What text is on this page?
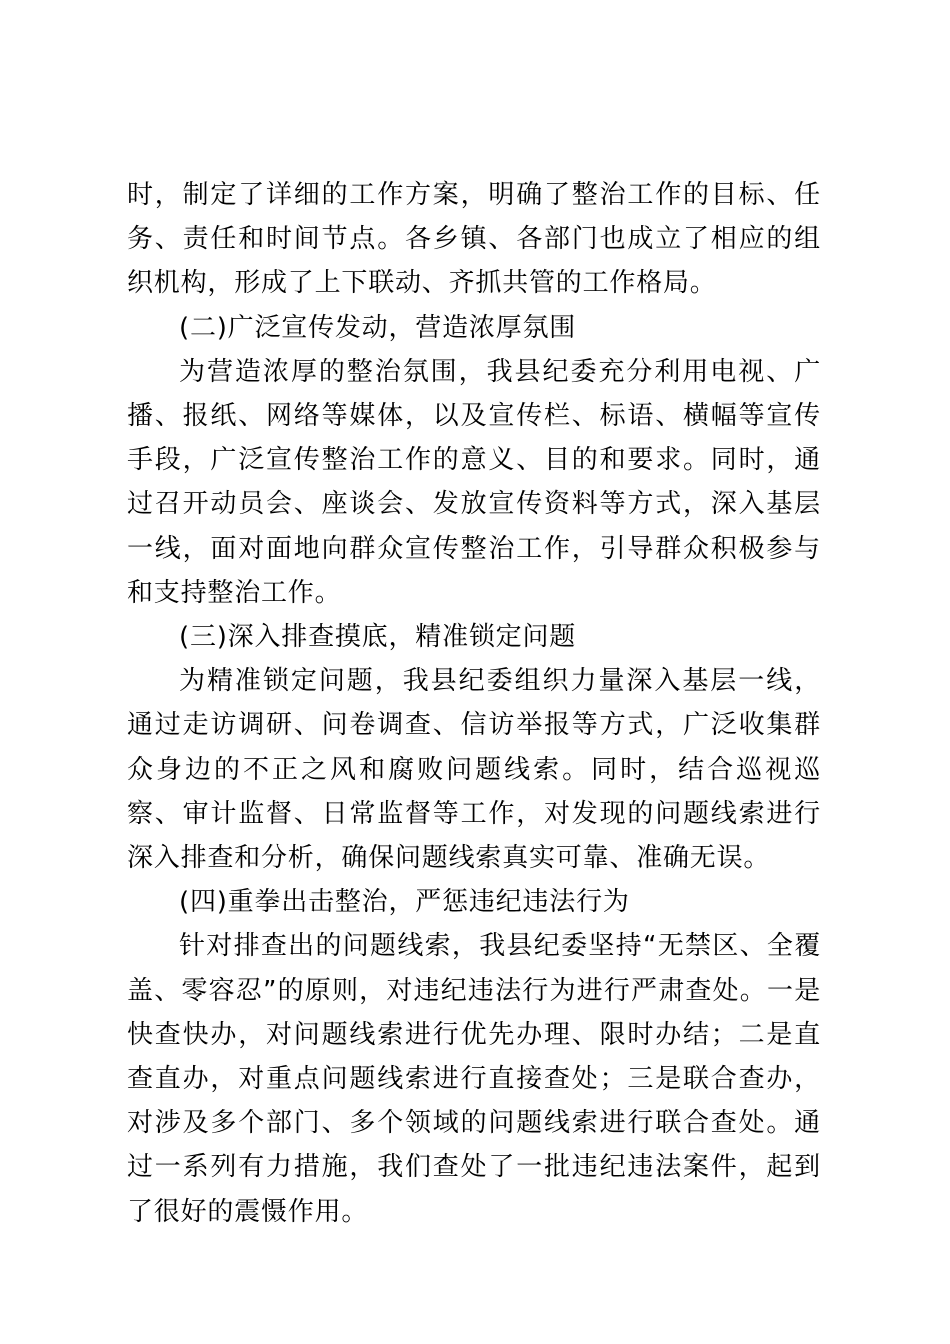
时，制定了详细的工作方案，明确了整治工作的目标、任务、责任和时间节点。各乡镇、各部门也成立了相应的组织机构，形成了上下联动、齐抓共管的工作格局。

(二)广泛宣传发动，营造浓厚氛围

为营造浓厚的整治氛围，我县纪委充分利用电视、广播、报纸、网络等媒体，以及宣传栏、标语、横幅等宣传手段，广泛宣传整治工作的意义、目的和要求。同时，通过召开动员会、座谈会、发放宣传资料等方式，深入基层一线，面对面地向群众宣传整治工作，引导群众积极参与和支持整治工作。

(三)深入排查摸底，精准锁定问题

为精准锁定问题，我县纪委组织力量深入基层一线，通过走访调研、问卷调查、信访举报等方式，广泛收集群众身边的不正之风和腐败问题线索。同时，结合巡视巡察、审计监督、日常监督等工作，对发现的问题线索进行深入排查和分析，确保问题线索真实可靠、准确无误。

(四)重拳出击整治，严惩违纪违法行为

针对排查出的问题线索，我县纪委坚持“无禁区、全覆盖、零容忍”的原则，对违纪违法行为进行严肃查处。一是快查快办，对问题线索进行优先办理、限时办结；二是直查直办，对重点问题线索进行直接查处；三是联合查办，对涉及多个部门、多个领域的问题线索进行联合查处。通过一系列有力措施，我们查处了一批违纪违法案件，起到了很好的震慑作用。
